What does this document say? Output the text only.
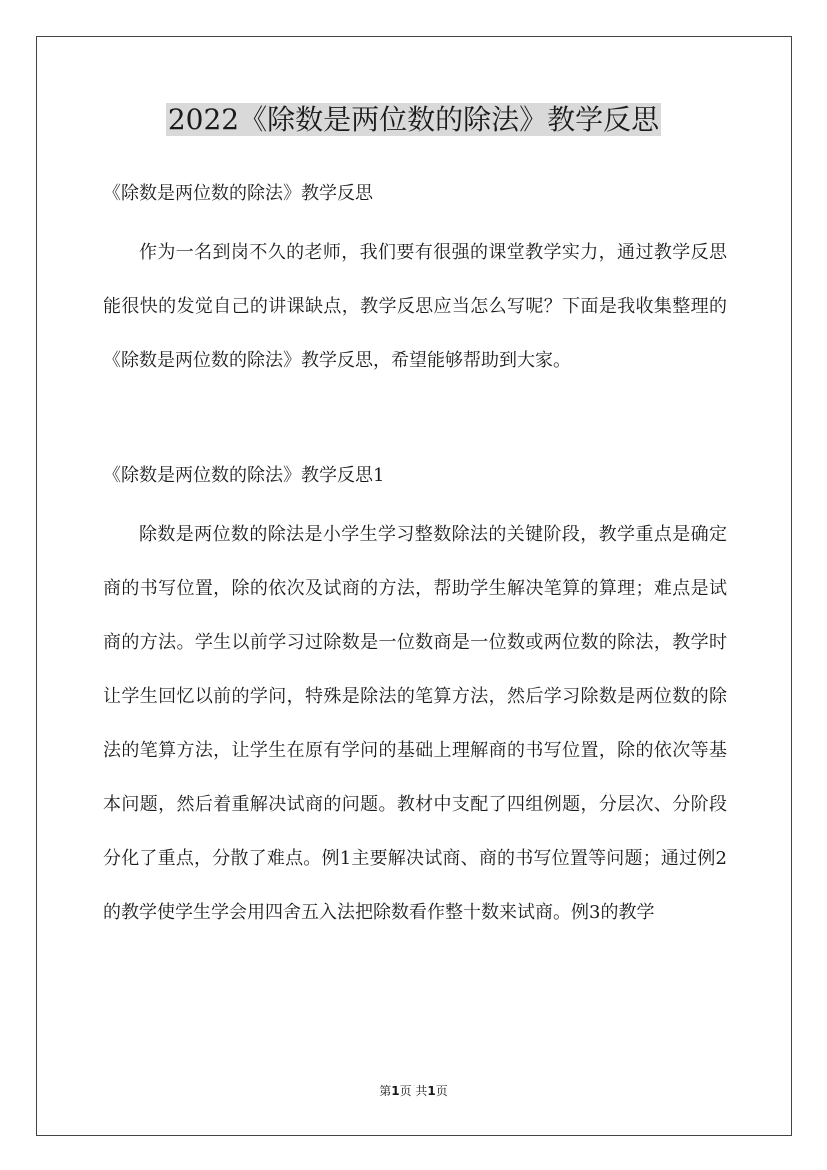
2022《除数是两位数的除法》教学反思

《除数是两位数的除法》教学反思

作为一名到岗不久的老师，我们要有很强的课堂教学实力，通过教学反思能很快的发觉自己的讲课缺点，教学反思应当怎么写呢？下面是我收集整理的《除数是两位数的除法》教学反思，希望能够帮助到大家。

《除数是两位数的除法》教学反思1

除数是两位数的除法是小学生学习整数除法的关键阶段，教学重点是确定商的书写位置，除的依次及试商的方法，帮助学生解决笔算的算理；难点是试商的方法。学生以前学习过除数是一位数商是一位数或两位数的除法，教学时让学生回忆以前的学问，特殊是除法的笔算方法，然后学习除数是两位数的除法的笔算方法，让学生在原有学问的基础上理解商的书写位置，除的依次等基本问题，然后着重解决试商的问题。教材中支配了四组例题，分层次、分阶段分化了重点，分散了难点。例1主要解决试商、商的书写位置等问题；通过例2的教学使学生学会用四舍五入法把除数看作整十数来试商。例3的教学

第1页 共1页
